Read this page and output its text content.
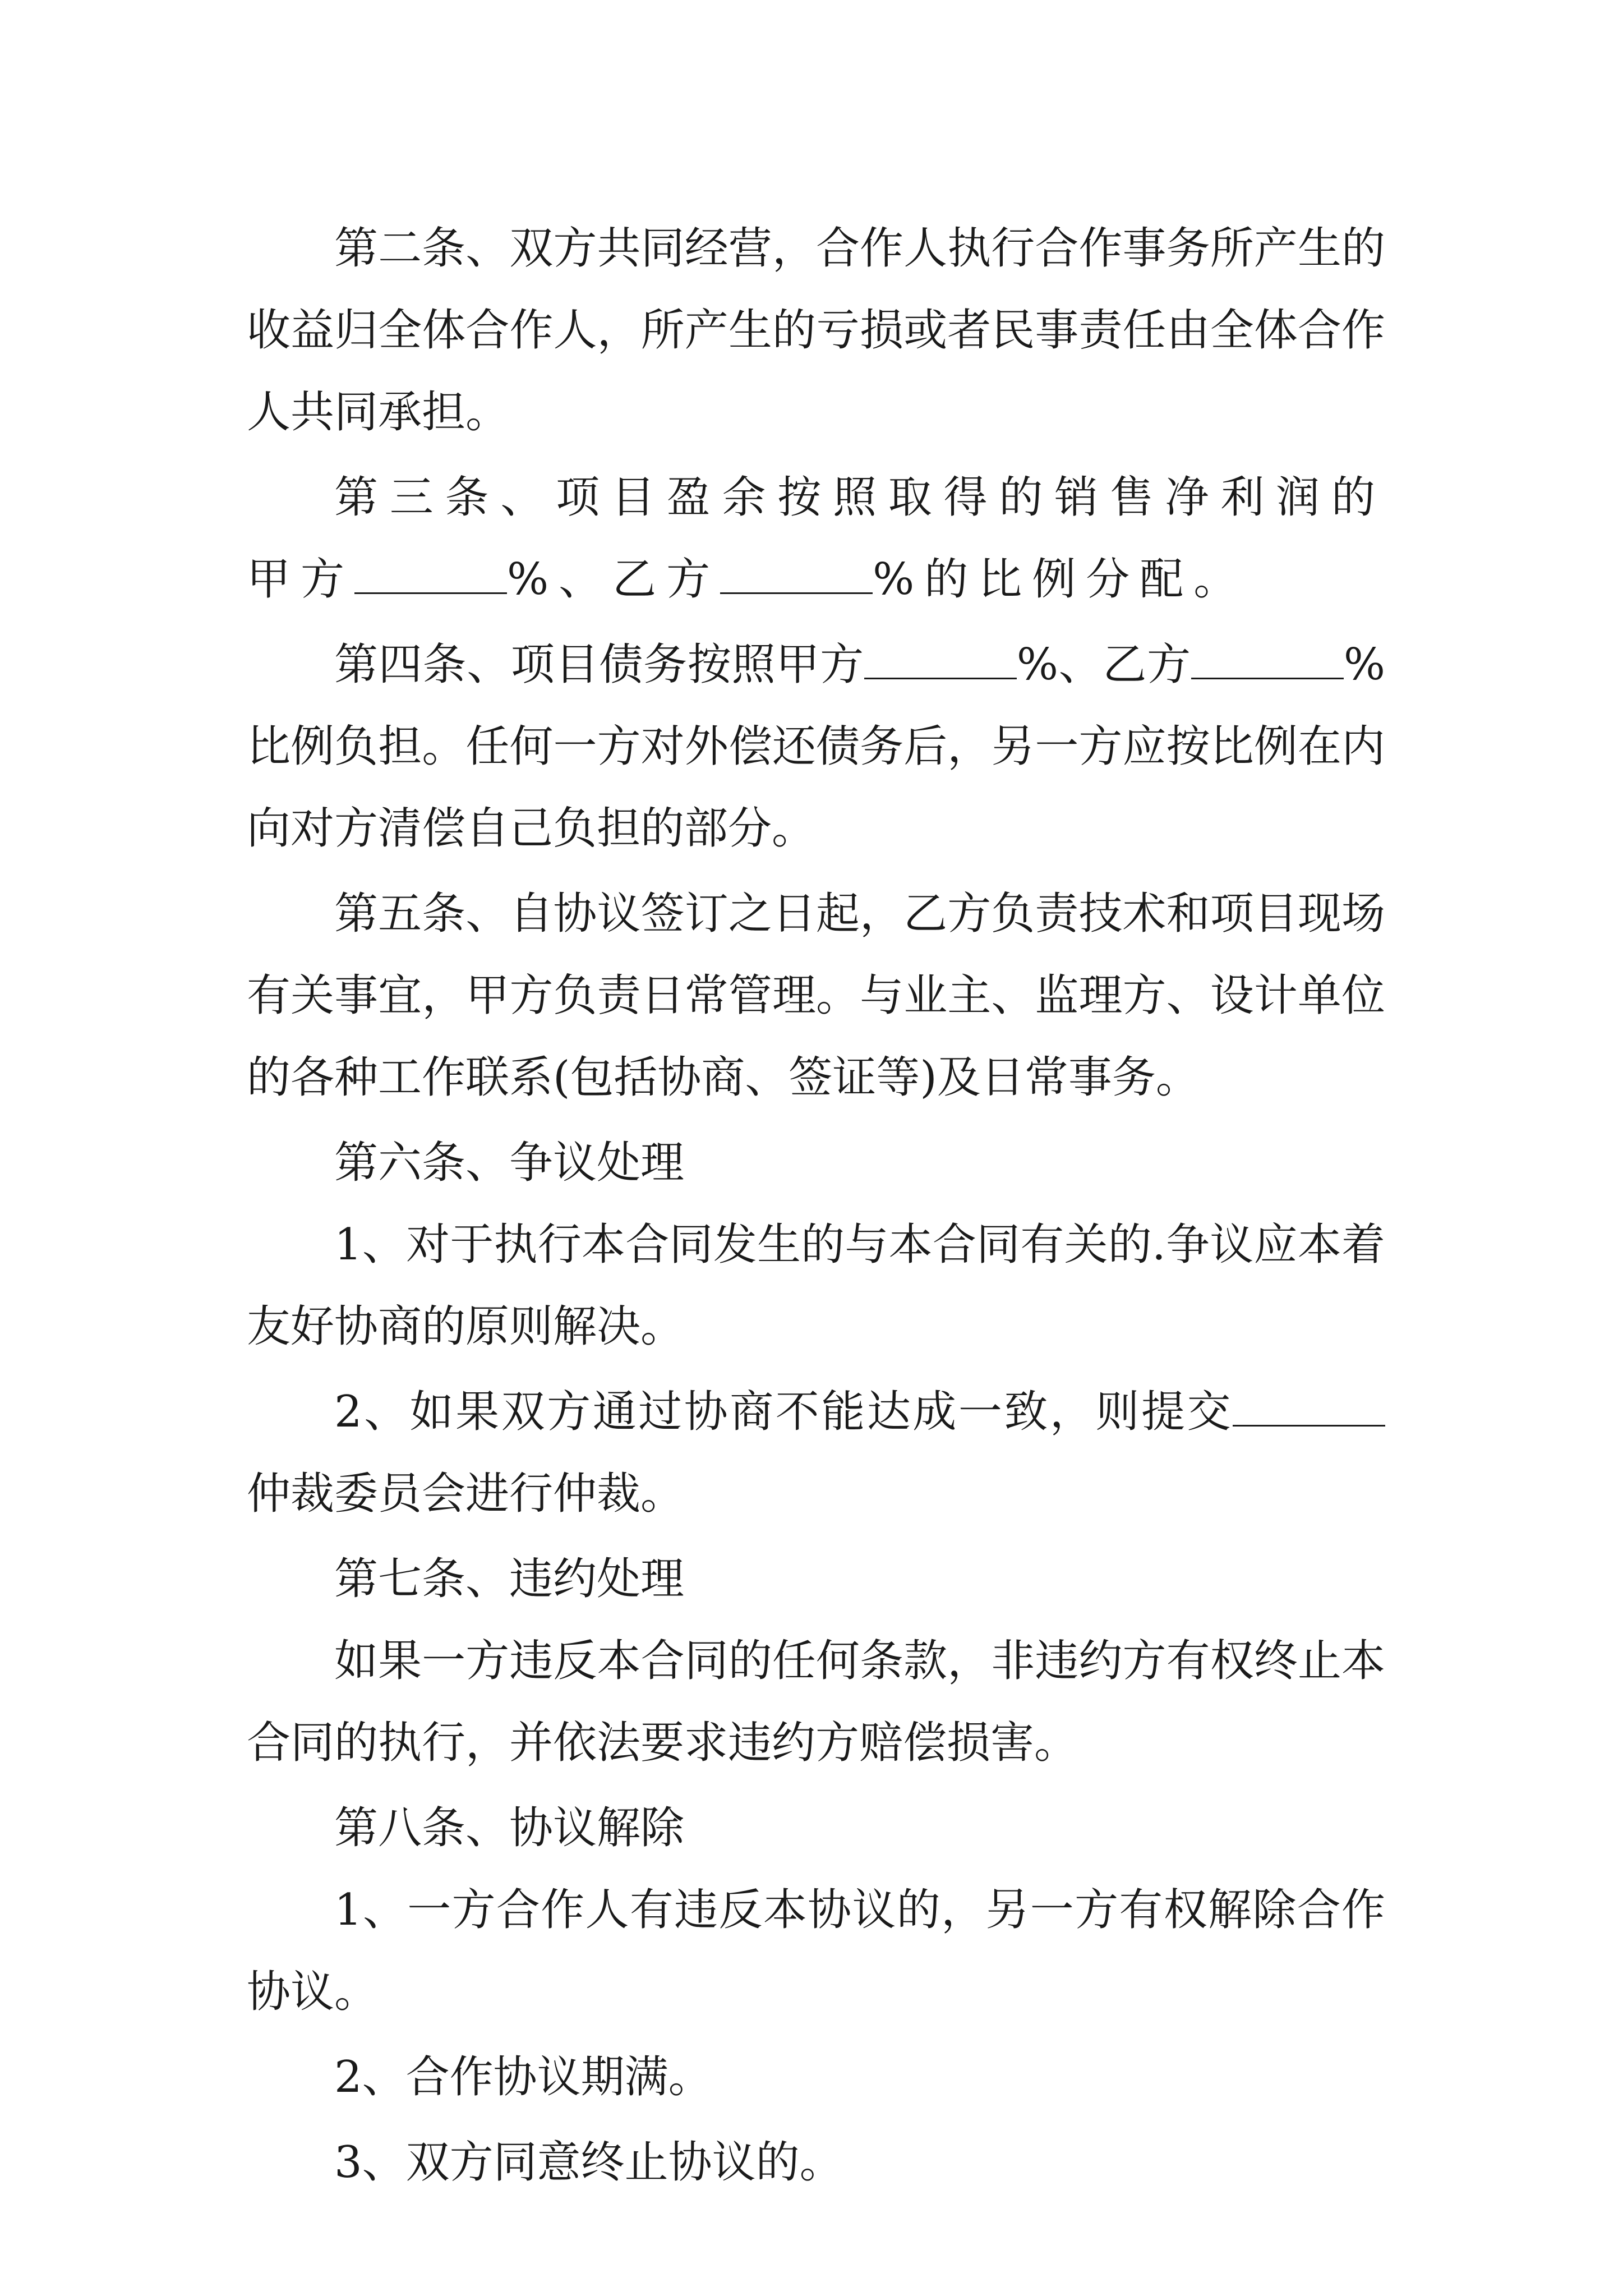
第二条、双方共同经营，合作人执行合作事务所产生的收益归全体合作人，所产生的亏损或者民事责任由全体合作人共同承担。

第三条、项目盈余按照取得的销售净利润的甲方	%、乙方	%的比例分配。

第四条、项目债务按照甲方	%、乙方	%比例负担。任何一方对外偿还债务后，另一方应按比例在内向对方清偿自己负担的部分。

第五条、自协议签订之日起，乙方负责技术和项目现场有关事宜，甲方负责日常管理。与业主、监理方、设计单位的各种工作联系(包括协商、签证等)及日常事务。

第六条、争议处理

1、对于执行本合同发生的与本合同有关的.争议应本着友好协商的原则解决。

2、如果双方通过协商不能达成一致，则提交仲裁委员会进行仲裁。

第七条、违约处理

如果一方违反本合同的任何条款，非违约方有权终止本合同的执行，并依法要求违约方赔偿损害。

第八条、协议解除

1、一方合作人有违反本协议的，另一方有权解除合作协议。

2、合作协议期满。

3、双方同意终止协议的。
